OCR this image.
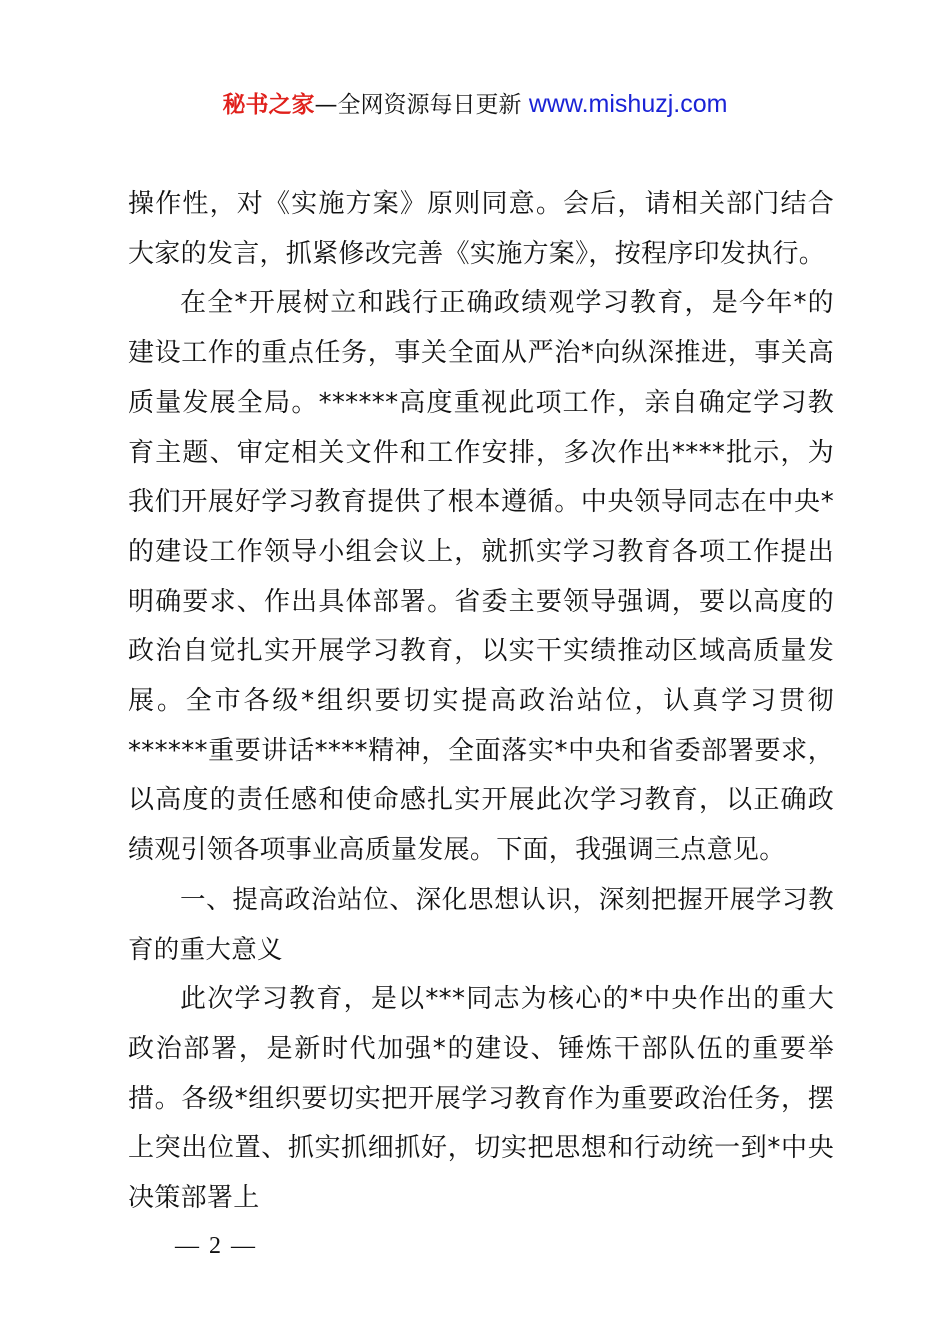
秘书之家—全网资源每日更新 www.mishuzj.com

操作性，对《实施方案》原则同意。会后，请相关部门结合大家的发言，抓紧修改完善《实施方案》，按程序印发执行。

在全*开展树立和践行正确政绩观学习教育，是今年*的建设工作的重点任务，事关全面从严治*向纵深推进，事关高质量发展全局。******高度重视此项工作，亲自确定学习教育主题、审定相关文件和工作安排，多次作出****批示，为我们开展好学习教育提供了根本遵循。中央领导同志在中央*的建设工作领导小组会议上，就抓实学习教育各项工作提出明确要求、作出具体部署。省委主要领导强调，要以高度的政治自觉扎实开展学习教育，以实干实绩推动区域高质量发展。全市各级*组织要切实提高政治站位，认真学习贯彻******重要讲话****精神，全面落实*中央和省委部署要求，以高度的责任感和使命感扎实开展此次学习教育，以正确政绩观引领各项事业高质量发展。下面，我强调三点意见。

一、提高政治站位、深化思想认识，深刻把握开展学习教育的重大意义

此次学习教育，是以***同志为核心的*中央作出的重大政治部署，是新时代加强*的建设、锤炼干部队伍的重要举措。各级*组织要切实把开展学习教育作为重要政治任务，摆上突出位置、抓实抓细抓好，切实把思想和行动统一到*中央决策部署上

— 2 —
